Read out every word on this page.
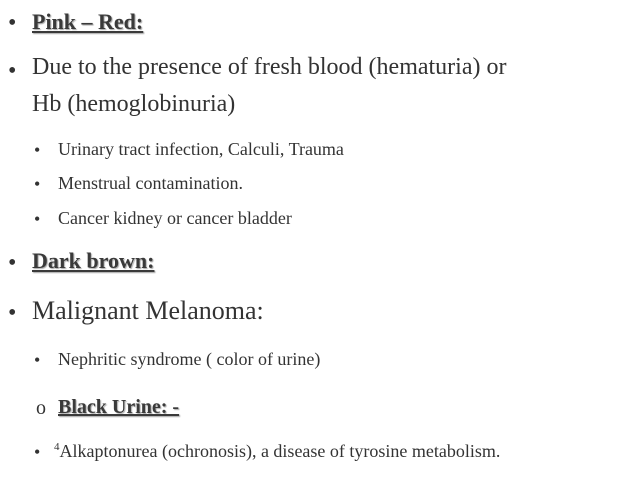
• Pink – Red:
• Due to the presence of fresh blood (hematuria) or
Hb (hemoglobinuria)
• Urinary tract infection, Calculi, Trauma
• Menstrual contamination.
• Cancer kidney or cancer bladder
• Dark brown:
• Malignant Melanoma:
• Nephritic syndrome ( color of urine)
o Black Urine: -
• $^4$Alkaptonurea (ochronosis), a disease of tyrosine metabolism.
